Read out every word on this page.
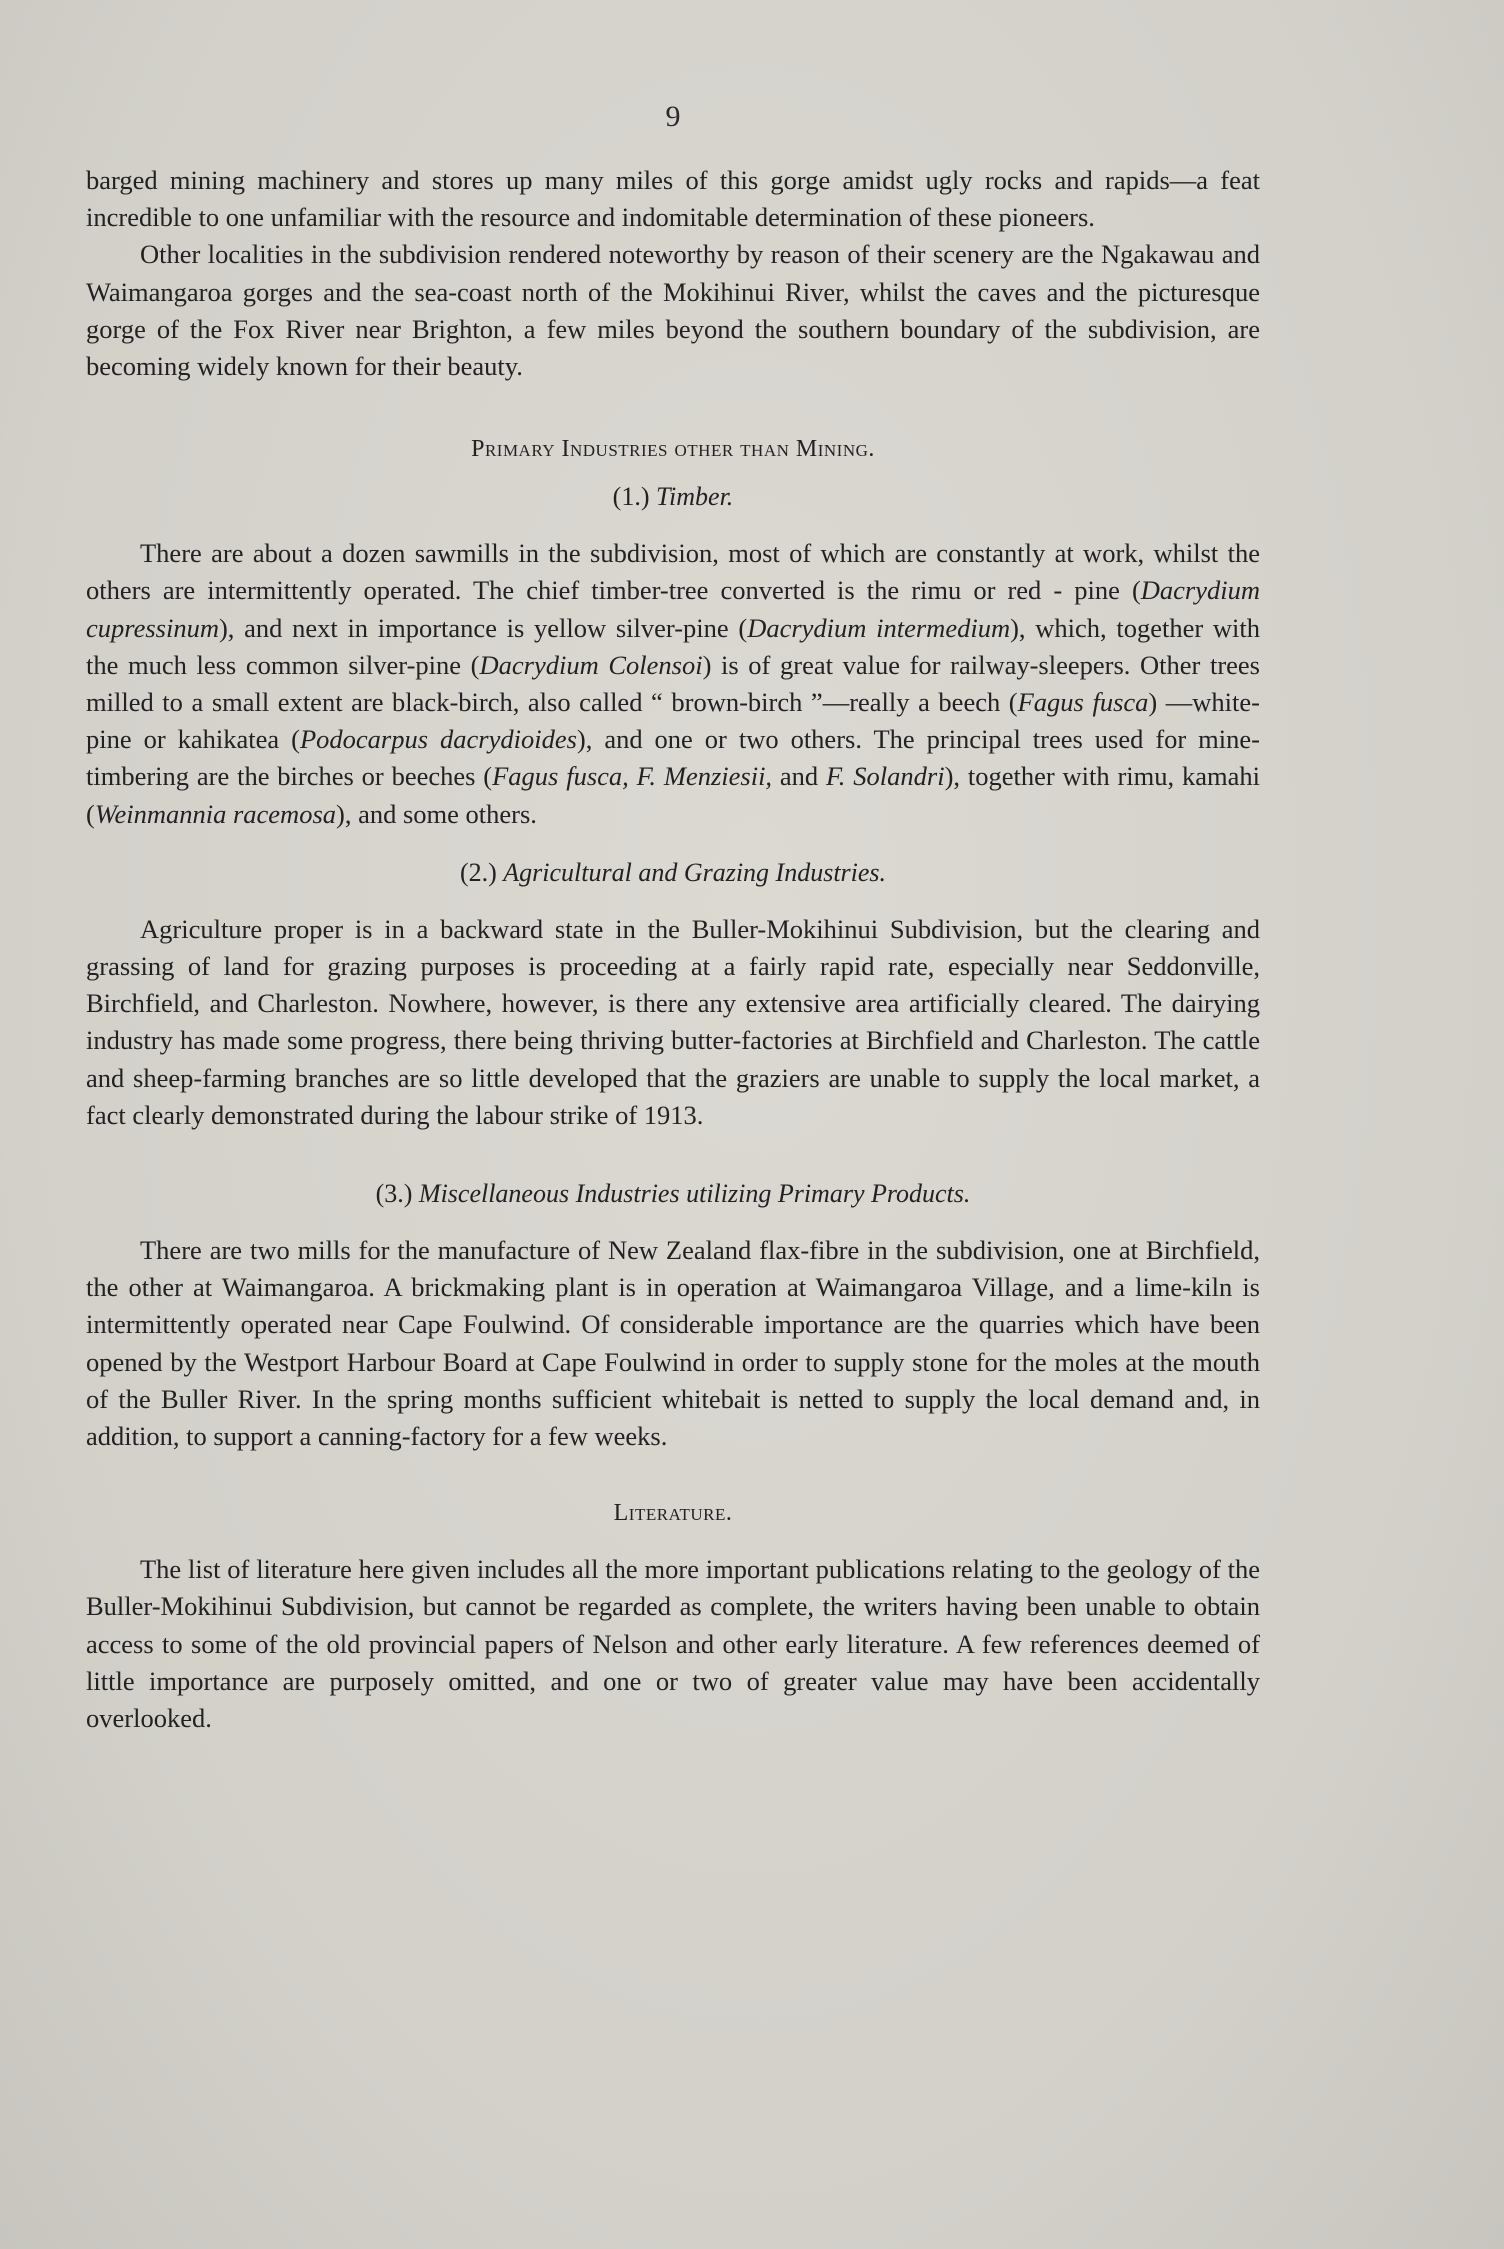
9

barged mining machinery and stores up many miles of this gorge amidst ugly rocks and rapids—a feat incredible to one unfamiliar with the resource and indomitable determination of these pioneers.

Other localities in the subdivision rendered noteworthy by reason of their scenery are the Ngakawau and Waimangaroa gorges and the sea-coast north of the Mokihinui River, whilst the caves and the picturesque gorge of the Fox River near Brighton, a few miles beyond the southern boundary of the subdivision, are becoming widely known for their beauty.

Primary Industries other than Mining.
(1.) Timber.

There are about a dozen sawmills in the subdivision, most of which are constantly at work, whilst the others are intermittently operated. The chief timber-tree converted is the rimu or red - pine (Dacrydium cupressinum), and next in importance is yellow silver-pine (Dacrydium intermedium), which, together with the much less common silver-pine (Dacrydium Colensoi) is of great value for railway-sleepers. Other trees milled to a small extent are black-birch, also called “ brown-birch ”—really a beech (Fagus fusca) —white-pine or kahikatea (Podocarpus dacrydioides), and one or two others. The principal trees used for mine-timbering are the birches or beeches (Fagus fusca, F. Menziesii, and F. Solandri), together with rimu, kamahi (Weinmannia racemosa), and some others.

(2.) Agricultural and Grazing Industries.

Agriculture proper is in a backward state in the Buller-Mokihinui Subdivision, but the clearing and grassing of land for grazing purposes is proceeding at a fairly rapid rate, especially near Seddonville, Birchfield, and Charleston. Nowhere, however, is there any extensive area artificially cleared. The dairying industry has made some progress, there being thriving butter-factories at Birchfield and Charleston. The cattle and sheep-farming branches are so little developed that the graziers are unable to supply the local market, a fact clearly demonstrated during the labour strike of 1913.

(3.) Miscellaneous Industries utilizing Primary Products.

There are two mills for the manufacture of New Zealand flax-fibre in the subdivision, one at Birchfield, the other at Waimangaroa. A brickmaking plant is in operation at Waimangaroa Village, and a lime-kiln is intermittently operated near Cape Foulwind. Of considerable importance are the quarries which have been opened by the Westport Harbour Board at Cape Foulwind in order to supply stone for the moles at the mouth of the Buller River. In the spring months sufficient whitebait is netted to supply the local demand and, in addition, to support a canning-factory for a few weeks.

Literature.

The list of literature here given includes all the more important publications relating to the geology of the Buller-Mokihinui Subdivision, but cannot be regarded as complete, the writers having been unable to obtain access to some of the old provincial papers of Nelson and other early literature. A few references deemed of little importance are purposely omitted, and one or two of greater value may have been accidentally overlooked.
